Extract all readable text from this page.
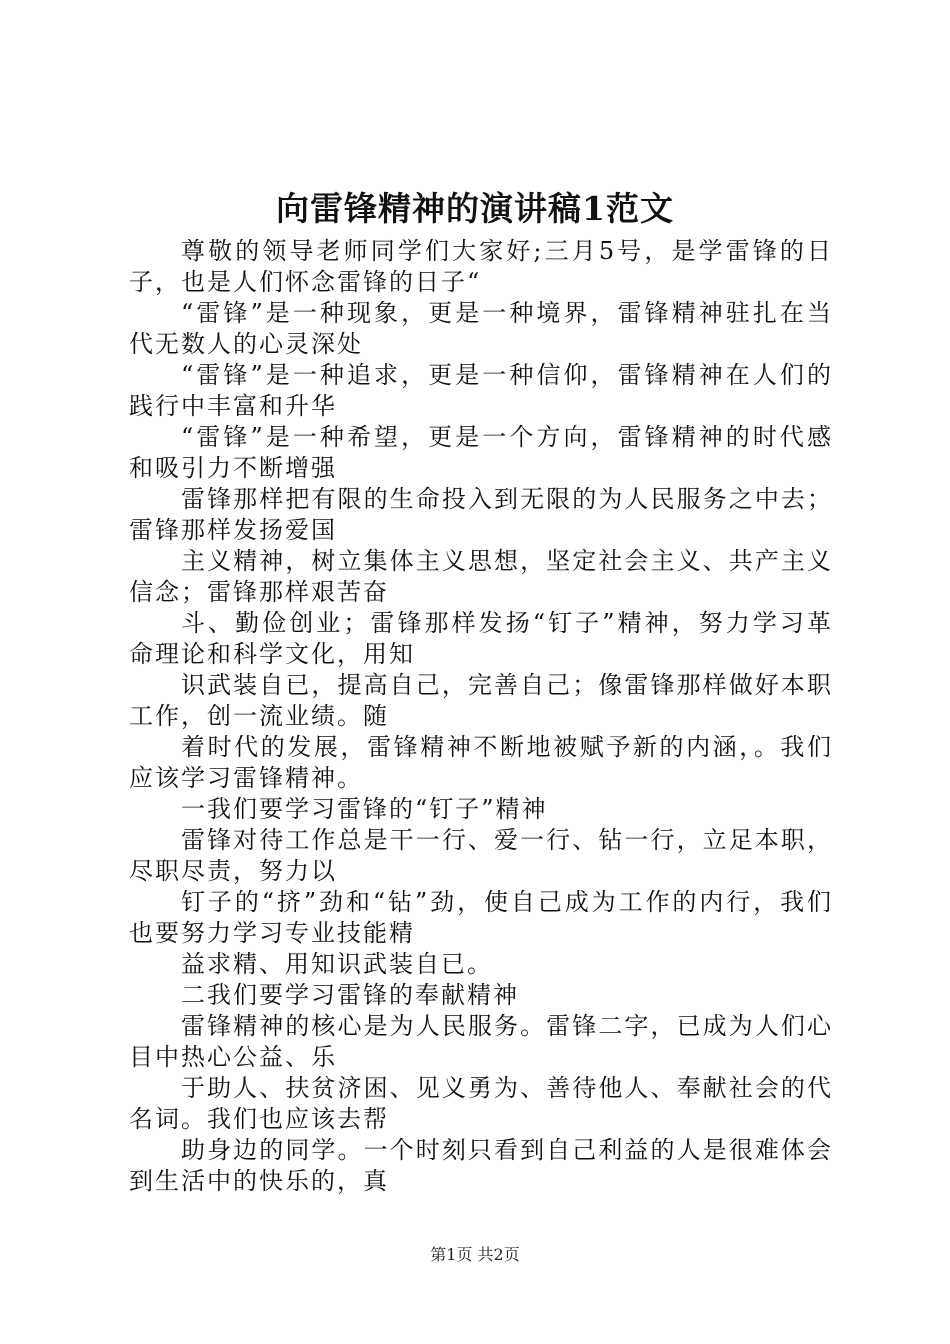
向雷锋精神的演讲稿1范文

尊敬的领导老师同学们大家好;三月5号，是学雷锋的日子，也是人们怀念雷锋的日子“

“雷锋”是一种现象，更是一种境界，雷锋精神驻扎在当代无数人的心灵深处

“雷锋”是一种追求，更是一种信仰，雷锋精神在人们的践行中丰富和升华

“雷锋”是一种希望，更是一个方向，雷锋精神的时代感和吸引力不断增强

雷锋那样把有限的生命投入到无限的为人民服务之中去；雷锋那样发扬爱国

主义精神，树立集体主义思想，坚定社会主义、共产主义信念；雷锋那样艰苦奋

斗、勤俭创业；雷锋那样发扬“钉子”精神，努力学习革命理论和科学文化，用知

识武装自已，提高自己，完善自己；像雷锋那样做好本职工作，创一流业绩。随

着时代的发展，雷锋精神不断地被赋予新的内涵，。我们应该学习雷锋精神。

一我们要学习雷锋的“钉子”精神

雷锋对待工作总是干一行、爱一行、钻一行，立足本职，尽职尽责，努力以

钉子的“挤”劲和“钻”劲，使自己成为工作的内行，我们也要努力学习专业技能精

益求精、用知识武装自已。

二我们要学习雷锋的奉献精神

雷锋精神的核心是为人民服务。雷锋二字，已成为人们心目中热心公益、乐

于助人、扶贫济困、见义勇为、善待他人、奉献社会的代名词。我们也应该去帮

助身边的同学。一个时刻只看到自己利益的人是很难体会到生活中的快乐的，真

第1页 共2页
